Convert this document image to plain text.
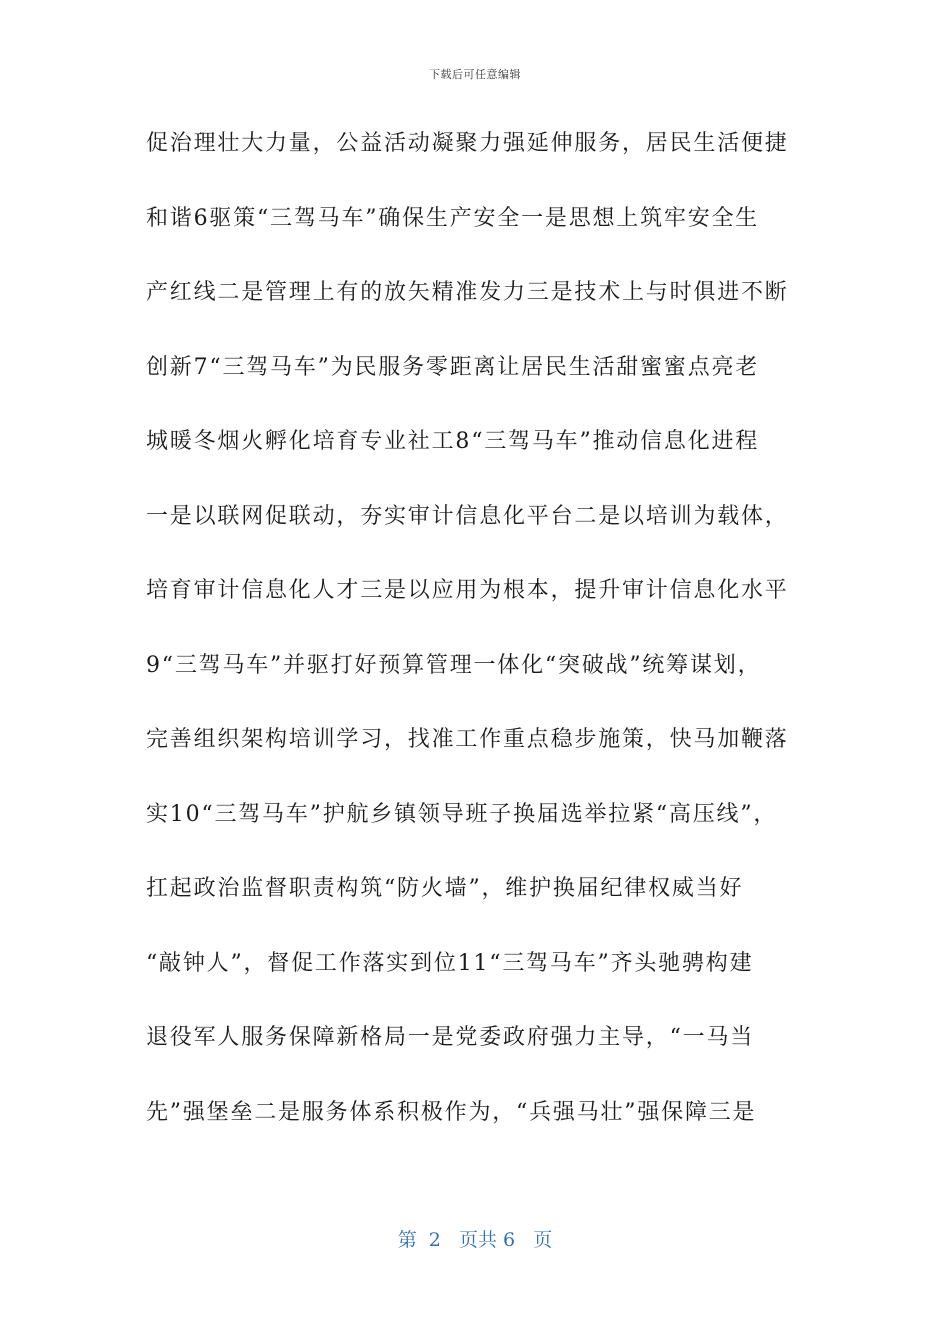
下载后可任意编辑
促治理壮大力量，公益活动凝聚力强延伸服务，居民生活便捷
和谐6驱策“三驾马车”确保生产安全一是思想上筑牢安全生
产红线二是管理上有的放矢精准发力三是技术上与时俱进不断
创新7“三驾马车”为民服务零距离让居民生活甜蜜蜜点亮老
城暖冬烟火孵化培育专业社工8“三驾马车”推动信息化进程
一是以联网促联动，夯实审计信息化平台二是以培训为载体，
培育审计信息化人才三是以应用为根本，提升审计信息化水平
9“三驾马车”并驱打好预算管理一体化“突破战”统筹谋划，
完善组织架构培训学习，找准工作重点稳步施策，快马加鞭落
实10“三驾马车”护航乡镇领导班子换届选举拉紧“高压线”，
扛起政治监督职责构筑“防火墙”，维护换届纪律权威当好
“敲钟人”，督促工作落实到位11“三驾马车”齐头驰骋构建
退役军人服务保障新格局一是党委政府强力主导，“一马当
先”强堡垒二是服务体系积极作为，“兵强马壮”强保障三是
第  2   页共 6   页
